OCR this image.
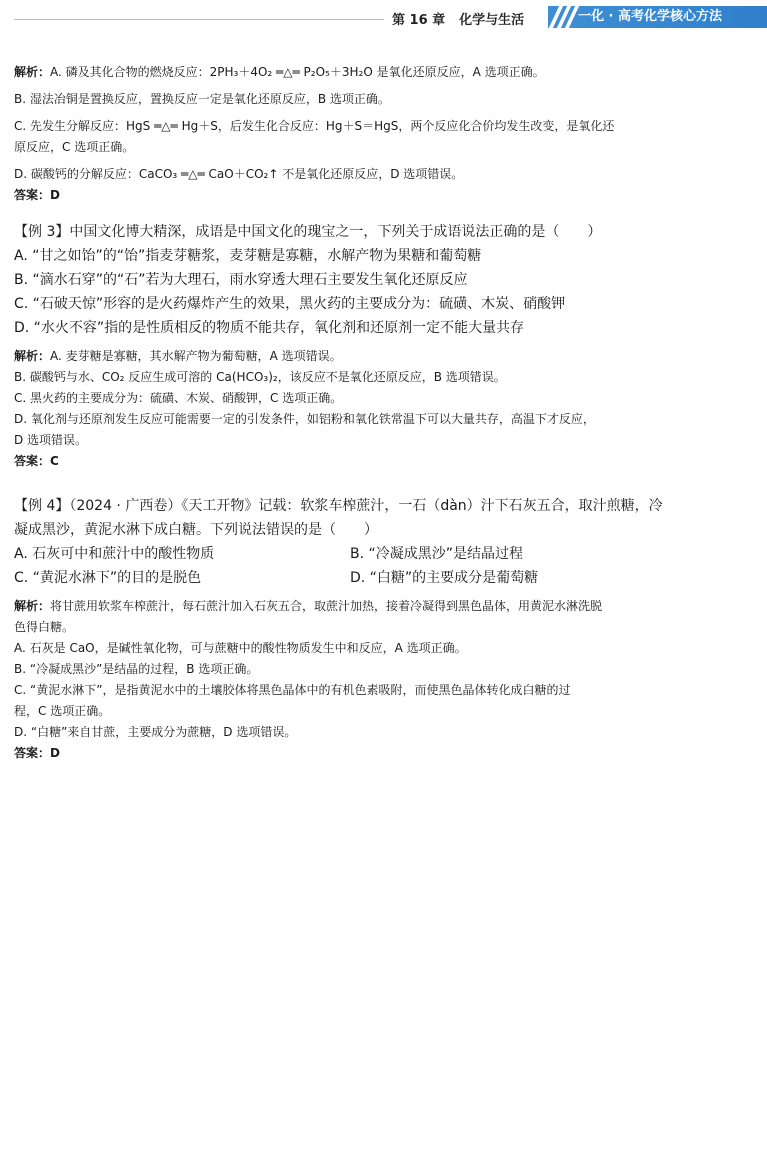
第 16 章 化学与生活	一化 · 高考化学核心方法

解析：A. 磷及其化合物的燃烧反应：2PH₃＋4O₂ ═△═ P₂O₅＋3H₂O 是氧化还原反应，A 选项正确。

B. 湿法冶铜是置换反应，置换反应一定是氧化还原反应，B 选项正确。

C. 先发生分解反应：HgS ═△═ Hg＋S，后发生化合反应：Hg＋S＝HgS，两个反应化合价均发生改变，是氧化还

原反应，C 选项正确。

D. 碳酸钙的分解反应：CaCO₃ ═△═ CaO＋CO₂↑ 不是氧化还原反应，D 选项错误。

答案：D

【例 3】中国文化博大精深，成语是中国文化的瑰宝之一，下列关于成语说法正确的是（　　）

A. “甘之如饴”的“饴”指麦芽糖浆，麦芽糖是寡糖，水解产物为果糖和葡萄糖

B. “滴水石穿”的“石”若为大理石，雨水穿透大理石主要发生氧化还原反应

C. “石破天惊”形容的是火药爆炸产生的效果，黑火药的主要成分为：硫磺、木炭、硝酸钾

D. “水火不容”指的是性质相反的物质不能共存，氧化剂和还原剂一定不能大量共存

解析：A. 麦芽糖是寡糖，其水解产物为葡萄糖，A 选项错误。

B. 碳酸钙与水、CO₂ 反应生成可溶的 Ca(HCO₃)₂，该反应不是氧化还原反应，B 选项错误。

C. 黑火药的主要成分为：硫磺、木炭、硝酸钾，C 选项正确。

D. 氧化剂与还原剂发生反应可能需要一定的引发条件，如铝粉和氧化铁常温下可以大量共存，高温下才反应，

D 选项错误。

答案：C

【例 4】（2024 · 广西卷）《天工开物》记载：软浆车榨蔗汁，一石（dàn）汁下石灰五合，取汁煎糖，冷

凝成黑沙，黄泥水淋下成白糖。下列说法错误的是（　　）

A. 石灰可中和蔗汁中的酸性物质	B. “冷凝成黑沙”是结晶过程
C. “黄泥水淋下”的目的是脱色	D. “白糖”的主要成分是葡萄糖

解析：将甘蔗用软浆车榨蔗汁，每石蔗汁加入石灰五合，取蔗汁加热，接着冷凝得到黑色晶体，用黄泥水淋洗脱

色得白糖。

A. 石灰是 CaO，是碱性氧化物，可与蔗糖中的酸性物质发生中和反应，A 选项正确。

B. “冷凝成黑沙”是结晶的过程，B 选项正确。

C. “黄泥水淋下”，是指黄泥水中的土壤胶体将黑色晶体中的有机色素吸附，而使黑色晶体转化成白糖的过

程，C 选项正确。

D. “白糖”来自甘蔗，主要成分为蔗糖，D 选项错误。

答案：D
